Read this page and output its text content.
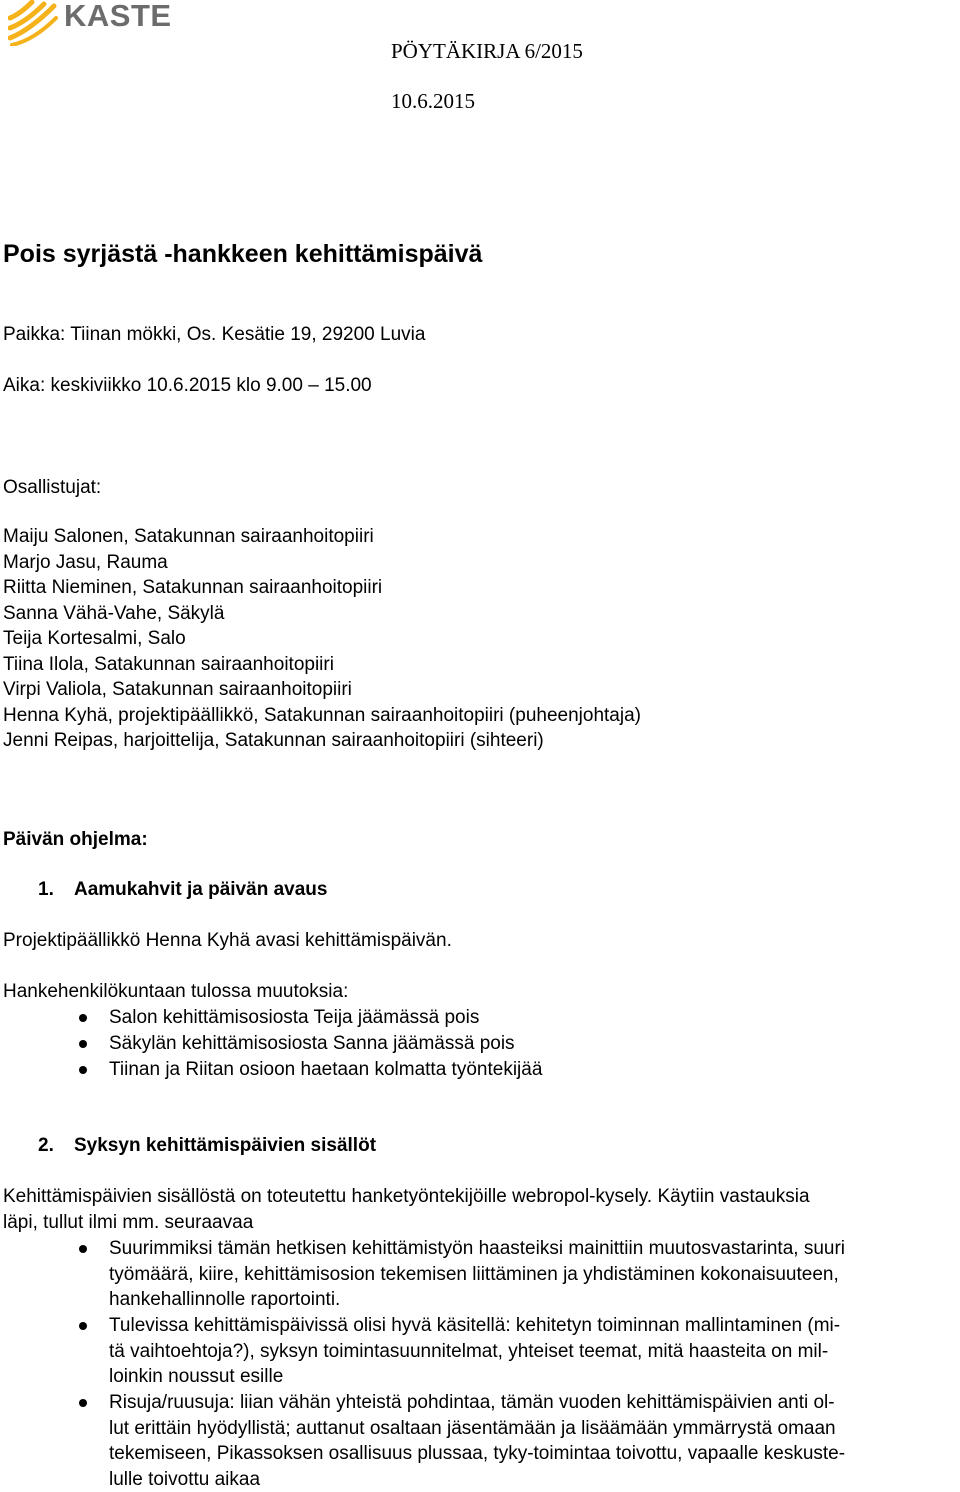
KASTE
PÖYTÄKIRJA 6/2015
10.6.2015
Pois syrjästä -hankkeen kehittämispäivä
Paikka: Tiinan mökki, Os. Kesätie 19, 29200 Luvia
Aika: keskiviikko 10.6.2015 klo 9.00 – 15.00
Osallistujat:
Maiju Salonen, Satakunnan sairaanhoitopiiri
Marjo Jasu, Rauma
Riitta Nieminen, Satakunnan sairaanhoitopiiri
Sanna Vähä-Vahe, Säkylä
Teija Kortesalmi, Salo
Tiina Ilola, Satakunnan sairaanhoitopiiri
Virpi Valiola, Satakunnan sairaanhoitopiiri
Henna Kyhä, projektipäällikkö, Satakunnan sairaanhoitopiiri (puheenjohtaja)
Jenni Reipas, harjoittelija, Satakunnan sairaanhoitopiiri (sihteeri)
Päivän ohjelma:
1. Aamukahvit ja päivän avaus
Projektipäällikkö Henna Kyhä avasi kehittämispäivän.
Hankehenkilökuntaan tulossa muutoksia:
Salon kehittämisosiosta Teija jäämässä pois
Säkylän kehittämisosiosta Sanna jäämässä pois
Tiinan ja Riitan osioon haetaan kolmatta työntekijää
2. Syksyn kehittämispäivien sisällöt
Kehittämispäivien sisällöstä on toteutettu hanketyöntekijöille webropol-kysely. Käytiin vastauksia
läpi, tullut ilmi mm. seuraavaa
Suurimmiksi tämän hetkisen kehittämistyön haasteiksi mainittiin muutosvastarinta, suuri
työmäärä, kiire, kehittämisosion tekemisen liittäminen ja yhdistäminen kokonaisuuteen,
hankehallinnolle raportointi.
Tulevissa kehittämispäivissä olisi hyvä käsitellä: kehitetyn toiminnan mallintaminen (mi-
tä vaihtoehtoja?), syksyn toimintasuunnitelmat, yhteiset teemat, mitä haasteita on mil-
loinkin noussut esille
Risuja/ruusuja: liian vähän yhteistä pohdintaa, tämän vuoden kehittämispäivien anti ol-
lut erittäin hyödyllistä; auttanut osaltaan jäsentämään ja lisäämään ymmärrystä omaan
tekemiseen, Pikassoksen osallisuus plussaa, tyky-toimintaa toivottu, vapaalle keskuste-
lulle toivottu aikaa
